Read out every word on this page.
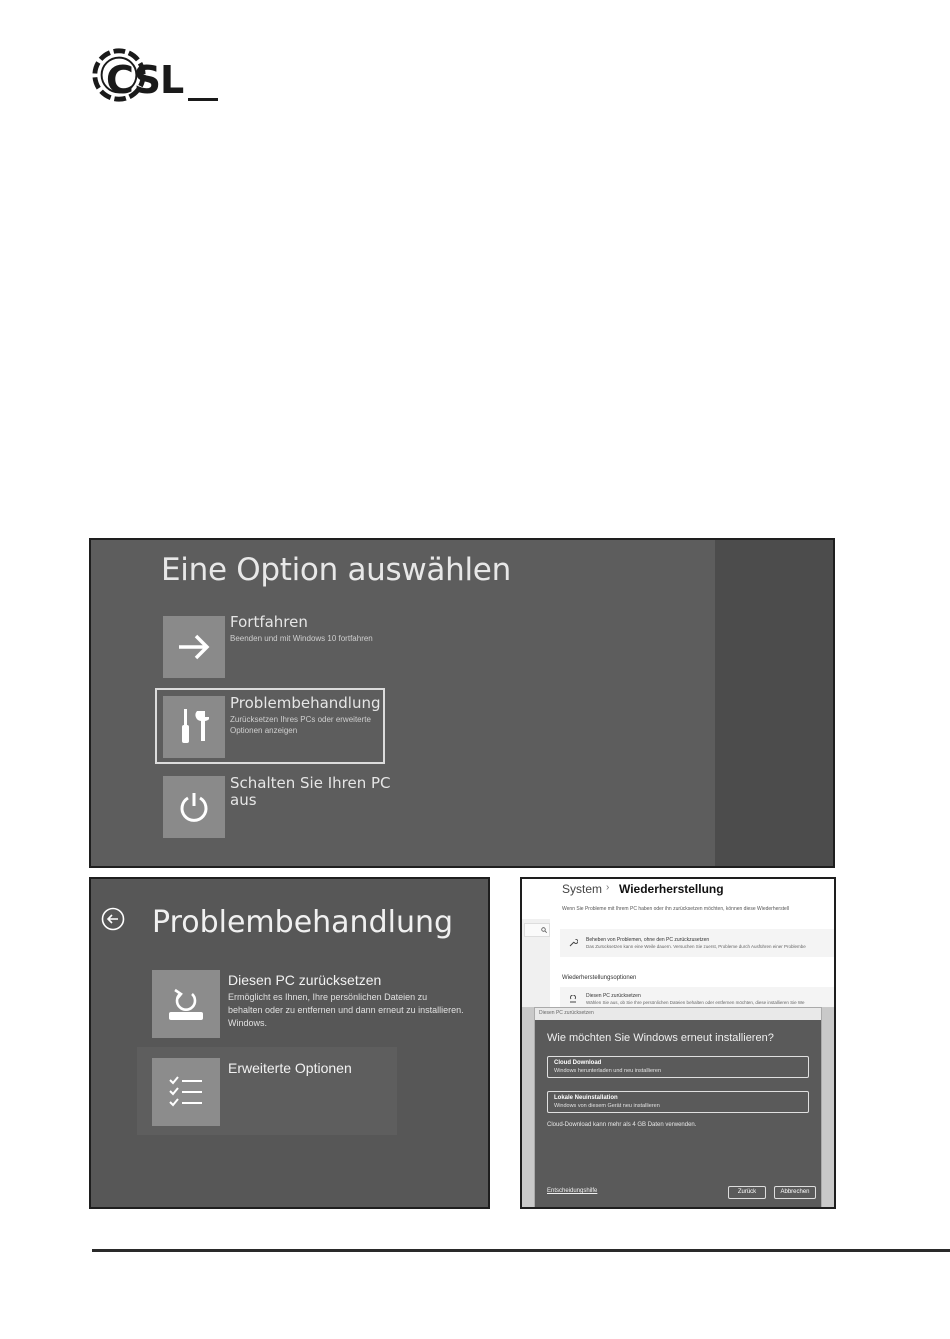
CSL
Eine Option auswählen
Fortfahren
Beenden und mit Windows 10 fortfahren
Problembehandlung
Zurücksetzen Ihres PCs oder erweiterte
Optionen anzeigen
Schalten Sie Ihren PC
aus
Problembehandlung
Diesen PC zurücksetzen
Ermöglicht es Ihnen, Ihre persönlichen Dateien zu
behalten oder zu entfernen und dann erneut zu installieren.
Windows.
Erweiterte Optionen
System › Wiederherstellung
Wenn Sie Probleme mit Ihrem PC haben oder ihn zurücksetzen möchten, können diese Wiederherstell
Beheben von Problemen, ohne den PC zurückzusetzen
Das Zurücksetzen kann eine Weile dauern. Versuchen Sie zuerst, Probleme durch Ausführen einer Problembe
Wiederherstellungsoptionen
Diesen PC zurücksetzen
Wählen Sie aus, ob Sie Ihre persönlichen Dateien behalten oder entfernen möchten, diese installieren Sie We
Diesen PC zurücksetzen
Wie möchten Sie Windows erneut installieren?
Cloud Download
Windows herunterladen und neu installieren
Lokale Neuinstallation
Windows von diesem Gerät neu installieren
Cloud-Download kann mehr als 4 GB Daten verwenden.
Entscheidungshilfe	Zurück	Abbrechen
